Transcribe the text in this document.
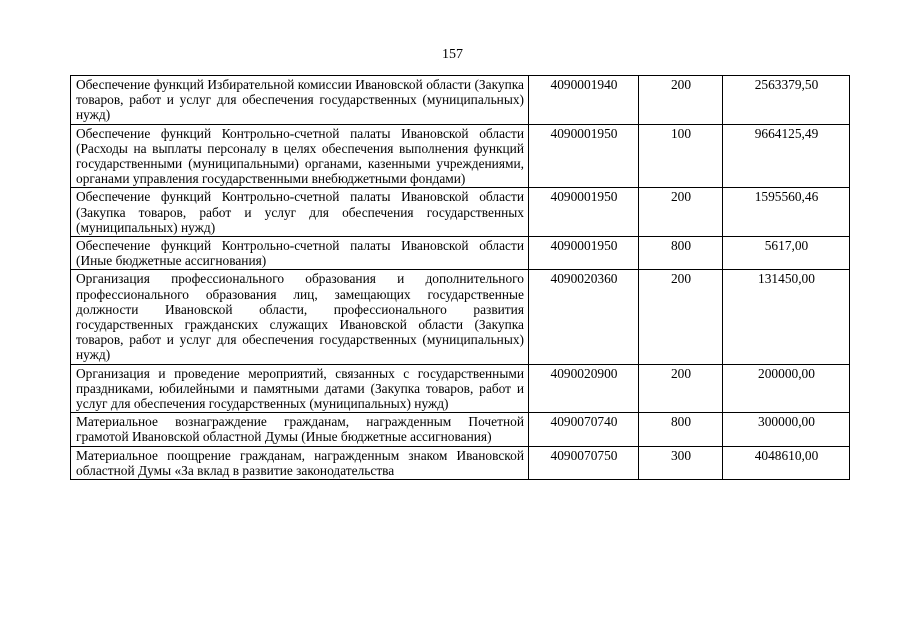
157
Обеспечение функций Избирательной комиссии Ивановской области (Закупка товаров, работ и услуг для обеспечения государственных (муниципальных) нужд)	4090001940	200	2563379,50
Обеспечение функций Контрольно-счетной палаты Ивановской области (Расходы на выплаты персоналу в целях обеспечения выполнения функций государственными (муниципальными) органами, казенными учреждениями, органами управления государственными внебюджетными фондами)	4090001950	100	9664125,49
Обеспечение функций Контрольно-счетной палаты Ивановской области (Закупка товаров, работ и услуг для обеспечения государственных (муниципальных) нужд)	4090001950	200	1595560,46
Обеспечение функций Контрольно-счетной палаты Ивановской области (Иные бюджетные ассигнования)	4090001950	800	5617,00
Организация профессионального образования и дополнительного профессионального образования лиц, замещающих государственные должности Ивановской области, профессионального развития государственных гражданских служащих Ивановской области (Закупка товаров, работ и услуг для обеспечения государственных (муниципальных) нужд)	4090020360	200	131450,00
Организация и проведение мероприятий, связанных с государственными праздниками, юбилейными и памятными датами (Закупка товаров, работ и услуг для обеспечения государственных (муниципальных) нужд)	4090020900	200	200000,00
Материальное вознаграждение гражданам, награжденным Почетной грамотой Ивановской областной Думы (Иные бюджетные ассигнования)	4090070740	800	300000,00
Материальное поощрение гражданам, награжденным знаком Ивановской областной Думы «За вклад в развитие законодательства	4090070750	300	4048610,00
